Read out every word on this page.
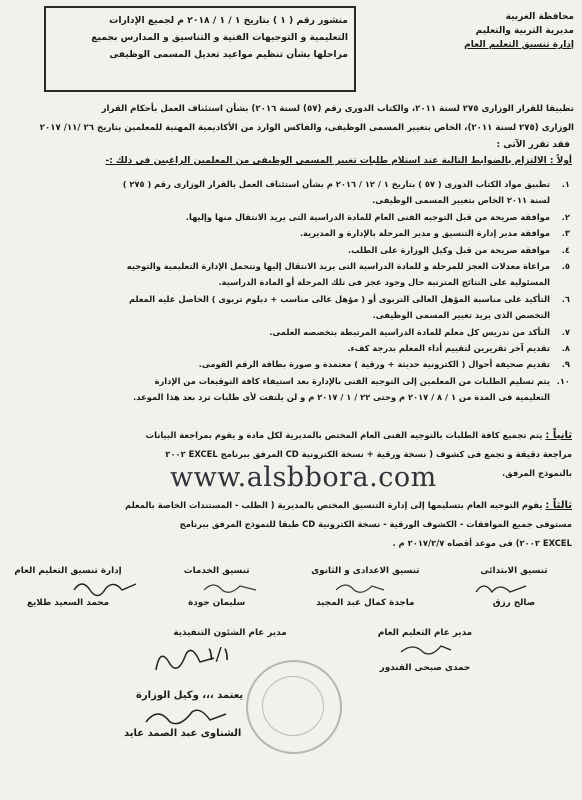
محافظة الغربية
مديرية التربية والتعليم
إدارة تنسيق التعليم العام
منشور رقم ( ١ ) بتاريخ ١ / ١ / ٢٠١٨ م لجميع الإدارات
التعليمية و التوجيهات الفنية و التناسيق و المدارس بجميع
مراحلها بشأن تنظيم مواعيد تعديل المسمى الوظيفى
تطبيقا للقرار الوزارى ٢٧٥ لسنة ٢٠١١، والكتاب الدورى رقم (٥٧) لسنة ٢٠١٦) بشأن استئناف العمل بأحكام القرار
الوزارى (٢٧٥ لسنة ٢٠١١)، الخاص بتغيير المسمى الوظيفى، والفاكس الوارد من الأكاديمية المهنية للمعلمين بتاريخ ٢٦ /١١/ ٢٠١٧
فقد تقرر الآتى :
أولاً : الالتزام بالضوابط التالية عند استلام طلبات تغيير المسمى الوظيفى من المعلمين الراغبين فى ذلك :-
١.
تطبيق مواد الكتاب الدورى ( ٥٧ ) بتاريخ ١ / ١٢ / ٢٠١٦ م بشأن استئناف العمل بالقرار الوزارى رقم ( ٢٧٥ )
لسنة ٢٠١١ الخاص بتغيير المسمى الوظيفى.
٢.
موافقة صريحة من قبل التوجيه الفنى العام للمادة الدراسية التى يريد الانتقال منها وإليها.
٣.
موافقة مدير إدارة التنسيق و مدير المرحلة بالإدارة و المديرية.
٤.
موافقة صريحة من قبل وكيل الوزارة على الطلب.
٥.
مراعاة معدلات العجز للمرحلة و للمادة الدراسية التى يريد الانتقال إليها وتتحمل الإدارة التعليمية والتوجيه
المسئولية على النتائج المترتبة حال وجود عجز فى تلك المرحلة أو المادة الدراسية.
٦.
التأكيد على مناسبة المؤهل العالى التربوى أو ( مؤهل عالى مناسب + دبلوم تربوى ) الحاصل عليه المعلم
التخصص الذى يريد تغيير المسمى الوظيفى.
٧.
التأكد من تدريس كل معلم للمادة الدراسية المرتبطة بتخصصه العلمى.
٨.
تقديم آخر تقريرين لتقييم أداء المعلم بدرجة كفء.
٩.
تقديم صحيفة أحوال ( الكترونية حديثة + ورقية ) معتمدة و صورة بطاقة الرقم القومى.
١٠.
يتم تسليم الطلبات من المعلمين إلى التوجيه الفنى بالإدارة بعد استيفاء كافة التوقيعات من الإدارة
التعليمية فى المدة من ١ / ٨ / ٢٠١٧ م وحتى ٢٢ / ١ / ٢٠١٧ م و لن يلتفت لأى طلبات ترد بعد هذا الموعد.
ثانياً : يتم تجميع كافة الطلبات بالتوجيه الفنى العام المختص بالمديرية لكل مادة و يقوم بمراجعة البيانات
مراجعة دقيقة و تجمع فى كشوف ( نسخة ورقية + نسخة الكترونية CD المرفق ببرنامج EXCEL ٢٠٠٢
بالنموذج المرفق.
www.alsbbora.com
ثالثاً : يقوم التوجيه العام بتسليمها إلى إدارة التنسيق المختص بالمديرية ( الطلب - المستندات الخاصة بالمعلم
مستوفى جميع الموافقات - الكشوف الورقية - نسخة الكترونية CD طبقا للنموذج المرفق ببرنامج
EXCEL ٢٠٠٢) فى موعد أقصاه ٢٠١٧/٢/٧ م .
إدارة تنسيق التعليم العام
محمد السعيد طلايع
تنسيق الخدمات
سليمان جودة
تنسيق الاعدادى و الثانوى
ماجدة كمال عبد المجيد
تنسيق الابتدائى
صالح رزق
مدير عام الشئون التنفيذية
١/١
مدير عام التعليم العام
حمدى صبحى القندور
يعتمد ،،، وكيل الوزارة
الشناوى عبد الصمد عايد
